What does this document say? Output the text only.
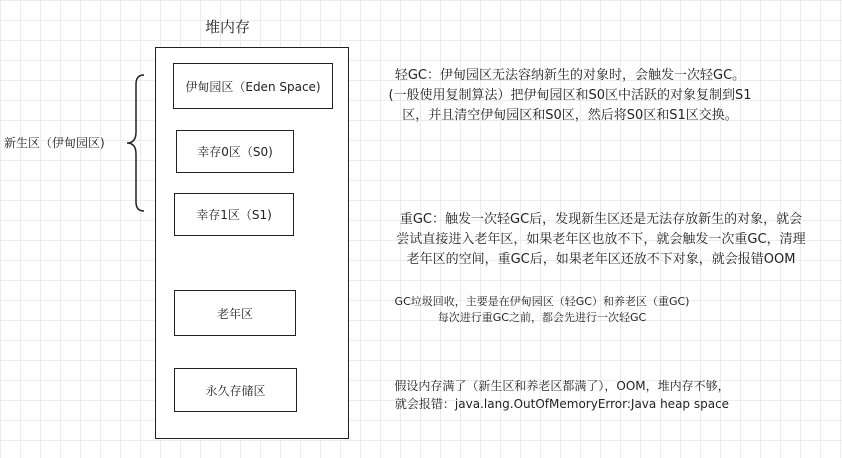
堆内存
伊甸园区（Eden Space)
幸存0区（S0)
幸存1区（S1)
老年区
永久存储区
新生区（伊甸园区)
轻GC：伊甸园区无法容纳新生的对象时，会触发一次轻GC。
(一般使用复制算法）把伊甸园区和S0区中活跃的对象复制到S1
区，并且清空伊甸园区和S0区，然后将S0区和S1区交换。
重GC：触发一次轻GC后，发现新生区还是无法存放新生的对象，就会
尝试直接进入老年区，如果老年区也放不下，就会触发一次重GC，清理
老年区的空间，重GC后，如果老年区还放不下对象，就会报错OOM
GC垃圾回收，主要是在伊甸园区（轻GC）和养老区（重GC)
每次进行重GC之前，都会先进行一次轻GC
假设内存满了（新生区和养老区都满了），OOM，堆内存不够，
就会报错：java.lang.OutOfMemoryError:Java heap space
